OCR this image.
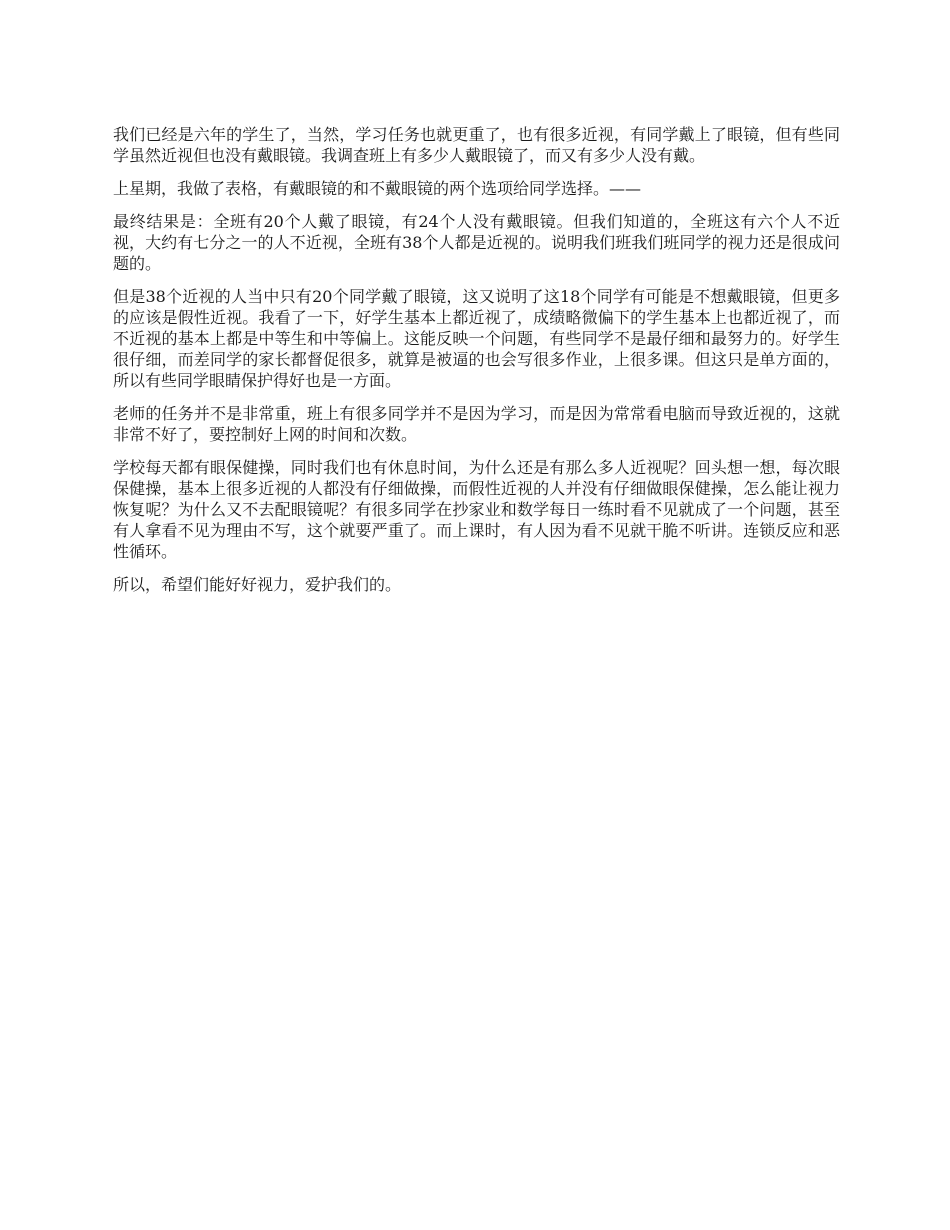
我们已经是六年的学生了，当然，学习任务也就更重了，也有很多近视，有同学戴上了眼镜，但有些同学虽然近视但也没有戴眼镜。我调查班上有多少人戴眼镜了，而又有多少人没有戴。

上星期，我做了表格，有戴眼镜的和不戴眼镜的两个选项给同学选择。——

最终结果是：全班有20个人戴了眼镜，有24个人没有戴眼镜。但我们知道的，全班这有六个人不近视，大约有七分之一的人不近视，全班有38个人都是近视的。说明我们班我们班同学的视力还是很成问题的。

但是38个近视的人当中只有20个同学戴了眼镜，这又说明了这18个同学有可能是不想戴眼镜，但更多的应该是假性近视。我看了一下，好学生基本上都近视了，成绩略微偏下的学生基本上也都近视了，而不近视的基本上都是中等生和中等偏上。这能反映一个问题，有些同学不是最仔细和最努力的。好学生很仔细，而差同学的家长都督促很多，就算是被逼的也会写很多作业，上很多课。但这只是单方面的，所以有些同学眼睛保护得好也是一方面。

老师的任务并不是非常重，班上有很多同学并不是因为学习，而是因为常常看电脑而导致近视的，这就非常不好了，要控制好上网的时间和次数。

学校每天都有眼保健操，同时我们也有休息时间，为什么还是有那么多人近视呢？回头想一想，每次眼保健操，基本上很多近视的人都没有仔细做操，而假性近视的人并没有仔细做眼保健操，怎么能让视力恢复呢？为什么又不去配眼镜呢？有很多同学在抄家业和数学每日一练时看不见就成了一个问题，甚至有人拿看不见为理由不写，这个就要严重了。而上课时，有人因为看不见就干脆不听讲。连锁反应和恶性循环。

所以，希望们能好好视力，爱护我们的。
